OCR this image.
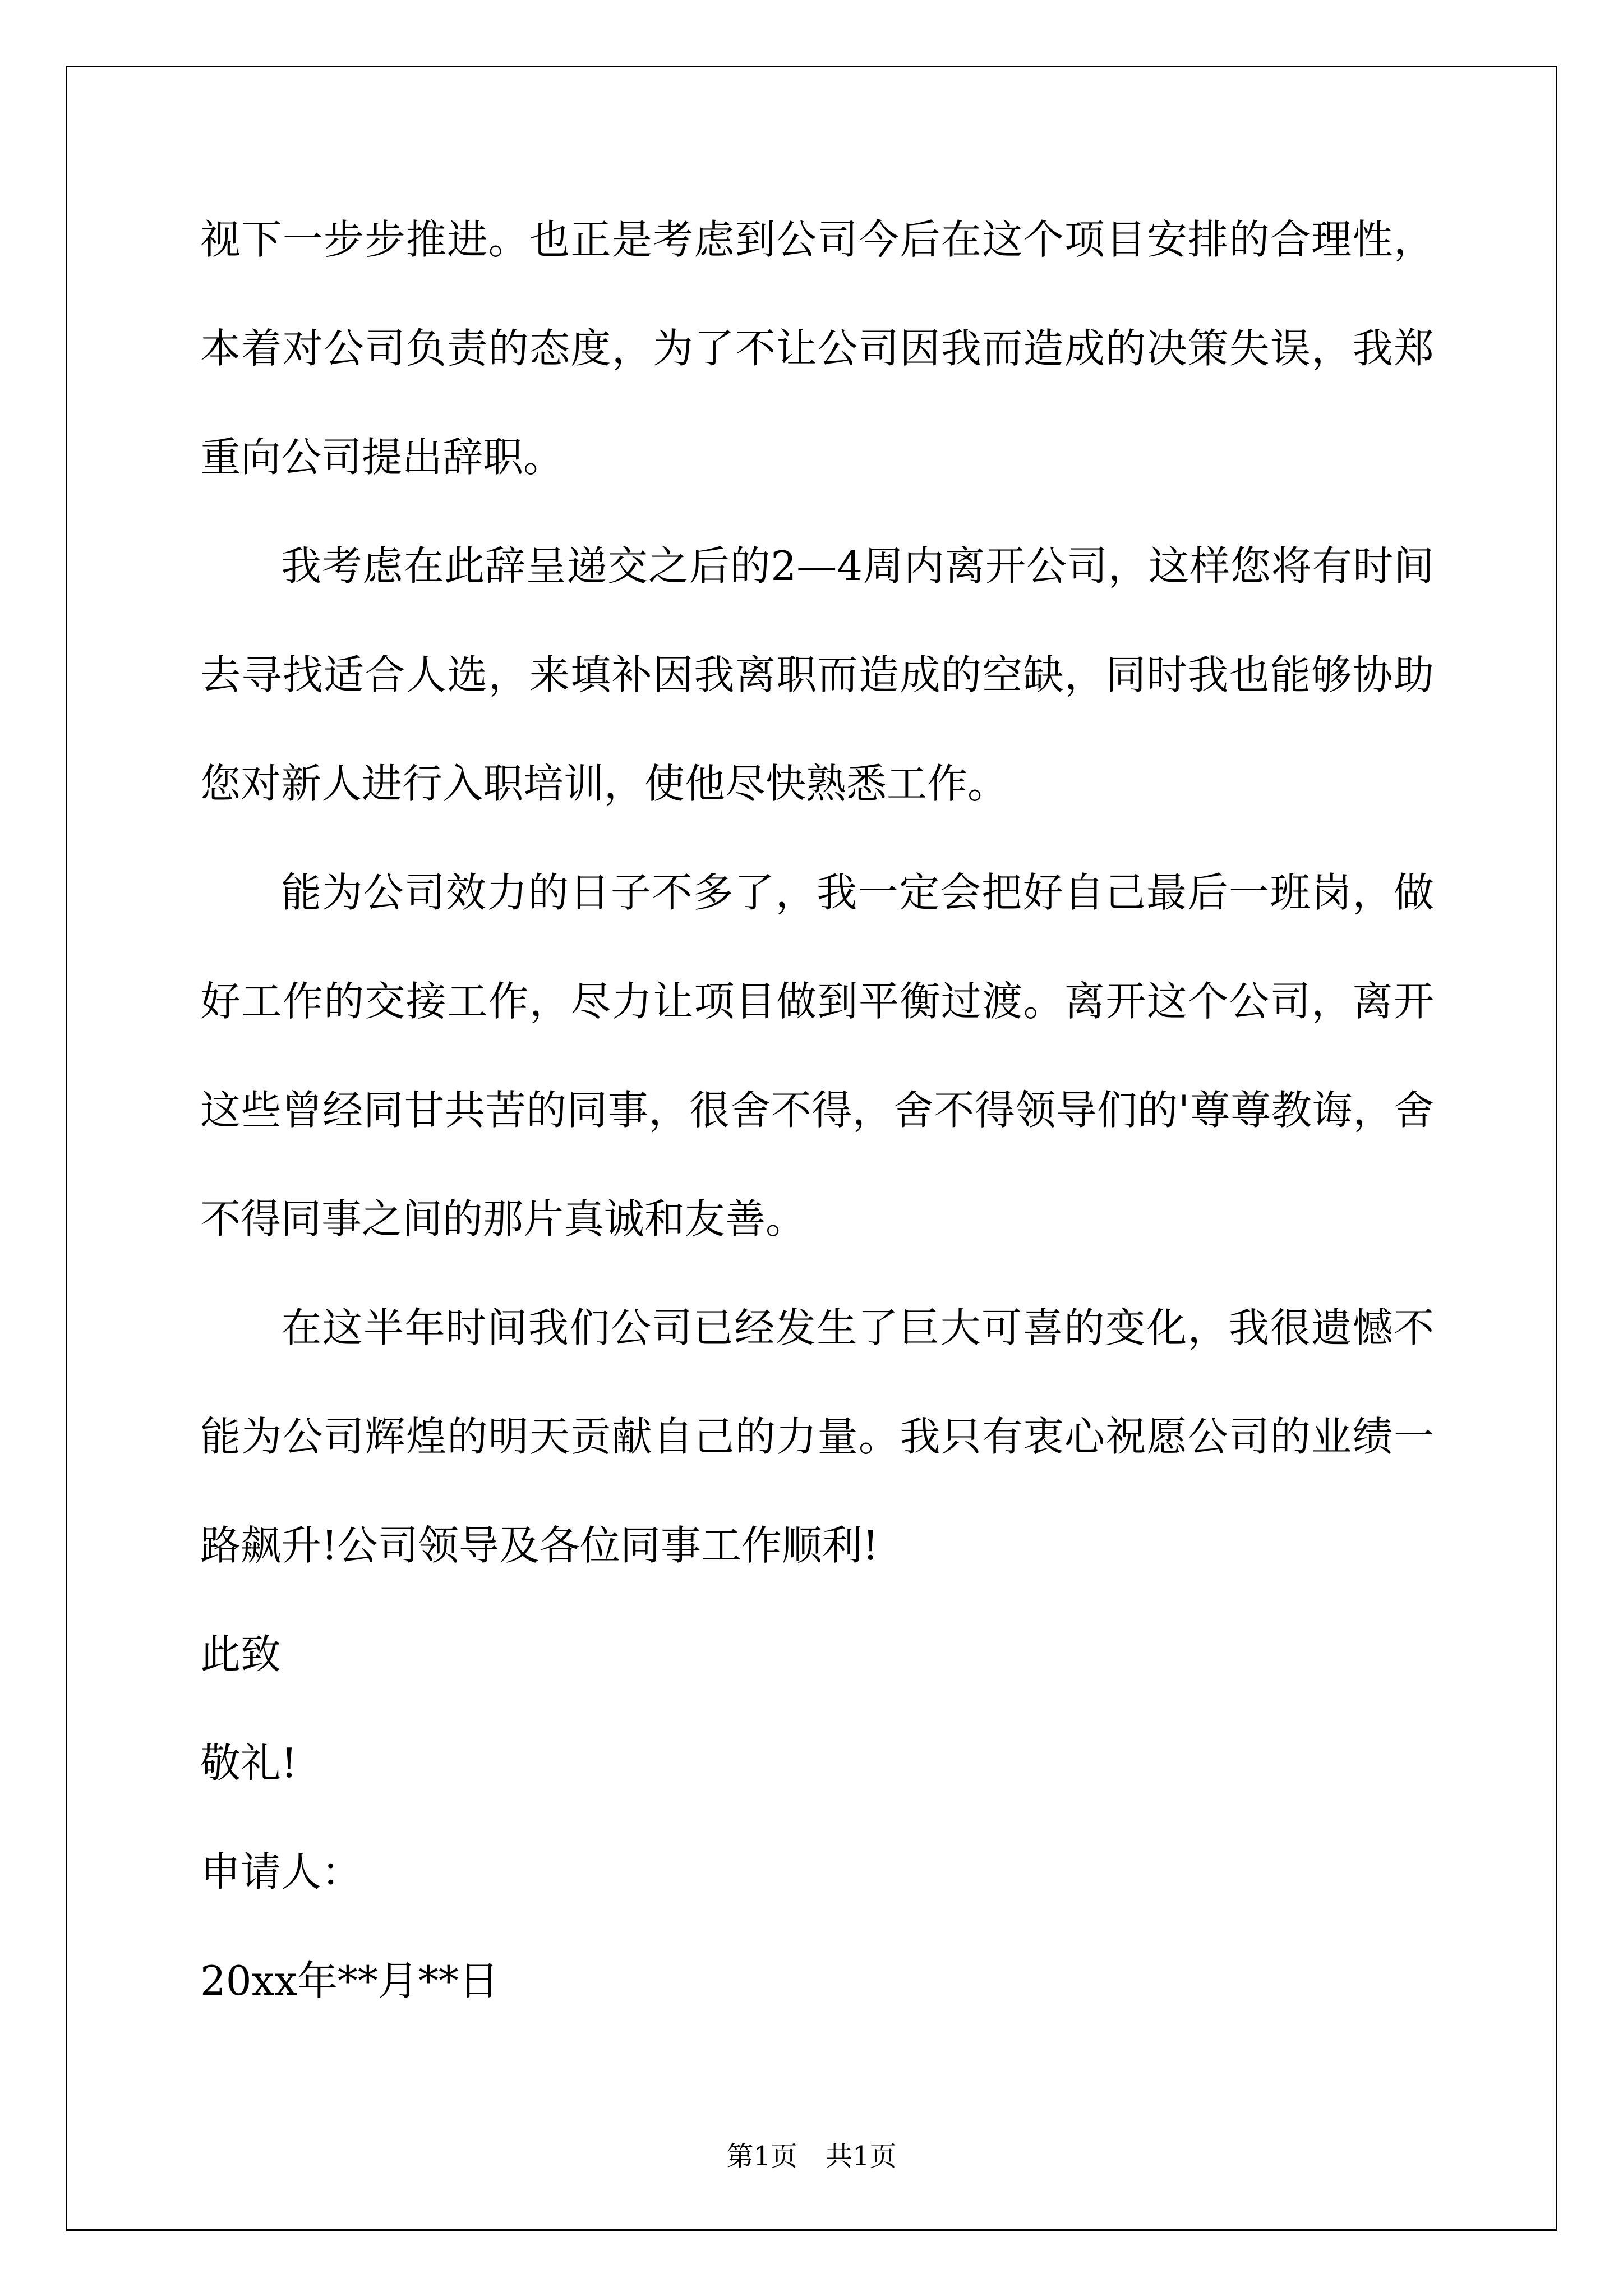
视下一步步推进。也正是考虑到公司今后在这个项目安排的合理性，本着对公司负责的态度，为了不让公司因我而造成的决策失误，我郑重向公司提出辞职。

我考虑在此辞呈递交之后的2—4周内离开公司，这样您将有时间去寻找适合人选，来填补因我离职而造成的空缺，同时我也能够协助您对新人进行入职培训，使他尽快熟悉工作。

能为公司效力的日子不多了，我一定会把好自己最后一班岗，做好工作的交接工作，尽力让项目做到平衡过渡。离开这个公司，离开这些曾经同甘共苦的同事，很舍不得，舍不得领导们的'尊尊教诲，舍不得同事之间的那片真诚和友善。

在这半年时间我们公司已经发生了巨大可喜的变化，我很遗憾不能为公司辉煌的明天贡献自己的力量。我只有衷心祝愿公司的业绩一路飙升!公司领导及各位同事工作顺利!

此致

敬礼!

申请人：

20xx年**月**日

第1页 共1页
